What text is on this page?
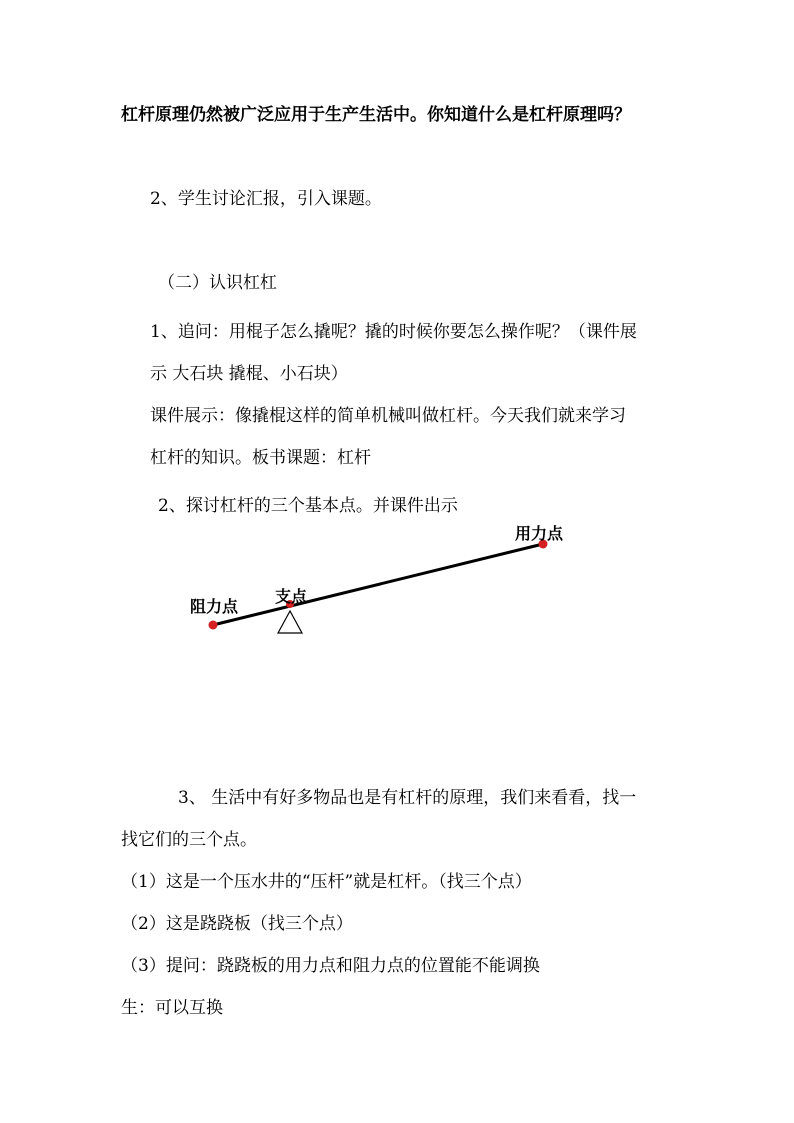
杠杆原理仍然被广泛应用于生产生活中。你知道什么是杠杆原理吗？
2、学生讨论汇报，引入课题。
（二）认识杠杠
1、追问：用棍子怎么撬呢？撬的时候你要怎么操作呢？（课件展
示 大石块 撬棍、小石块）
课件展示：像撬棍这样的简单机械叫做杠杆。今天我们就来学习
杠杆的知识。板书课题：杠杆
2、探讨杠杆的三个基本点。并课件出示
用力点
支点
阻力点
3、 生活中有好多物品也是有杠杆的原理，我们来看看，找一
找它们的三个点。
（1）这是一个压水井的“压杆”就是杠杆。（找三个点）
（2）这是跷跷板（找三个点）
（3）提问：跷跷板的用力点和阻力点的位置能不能调换
生：可以互换
